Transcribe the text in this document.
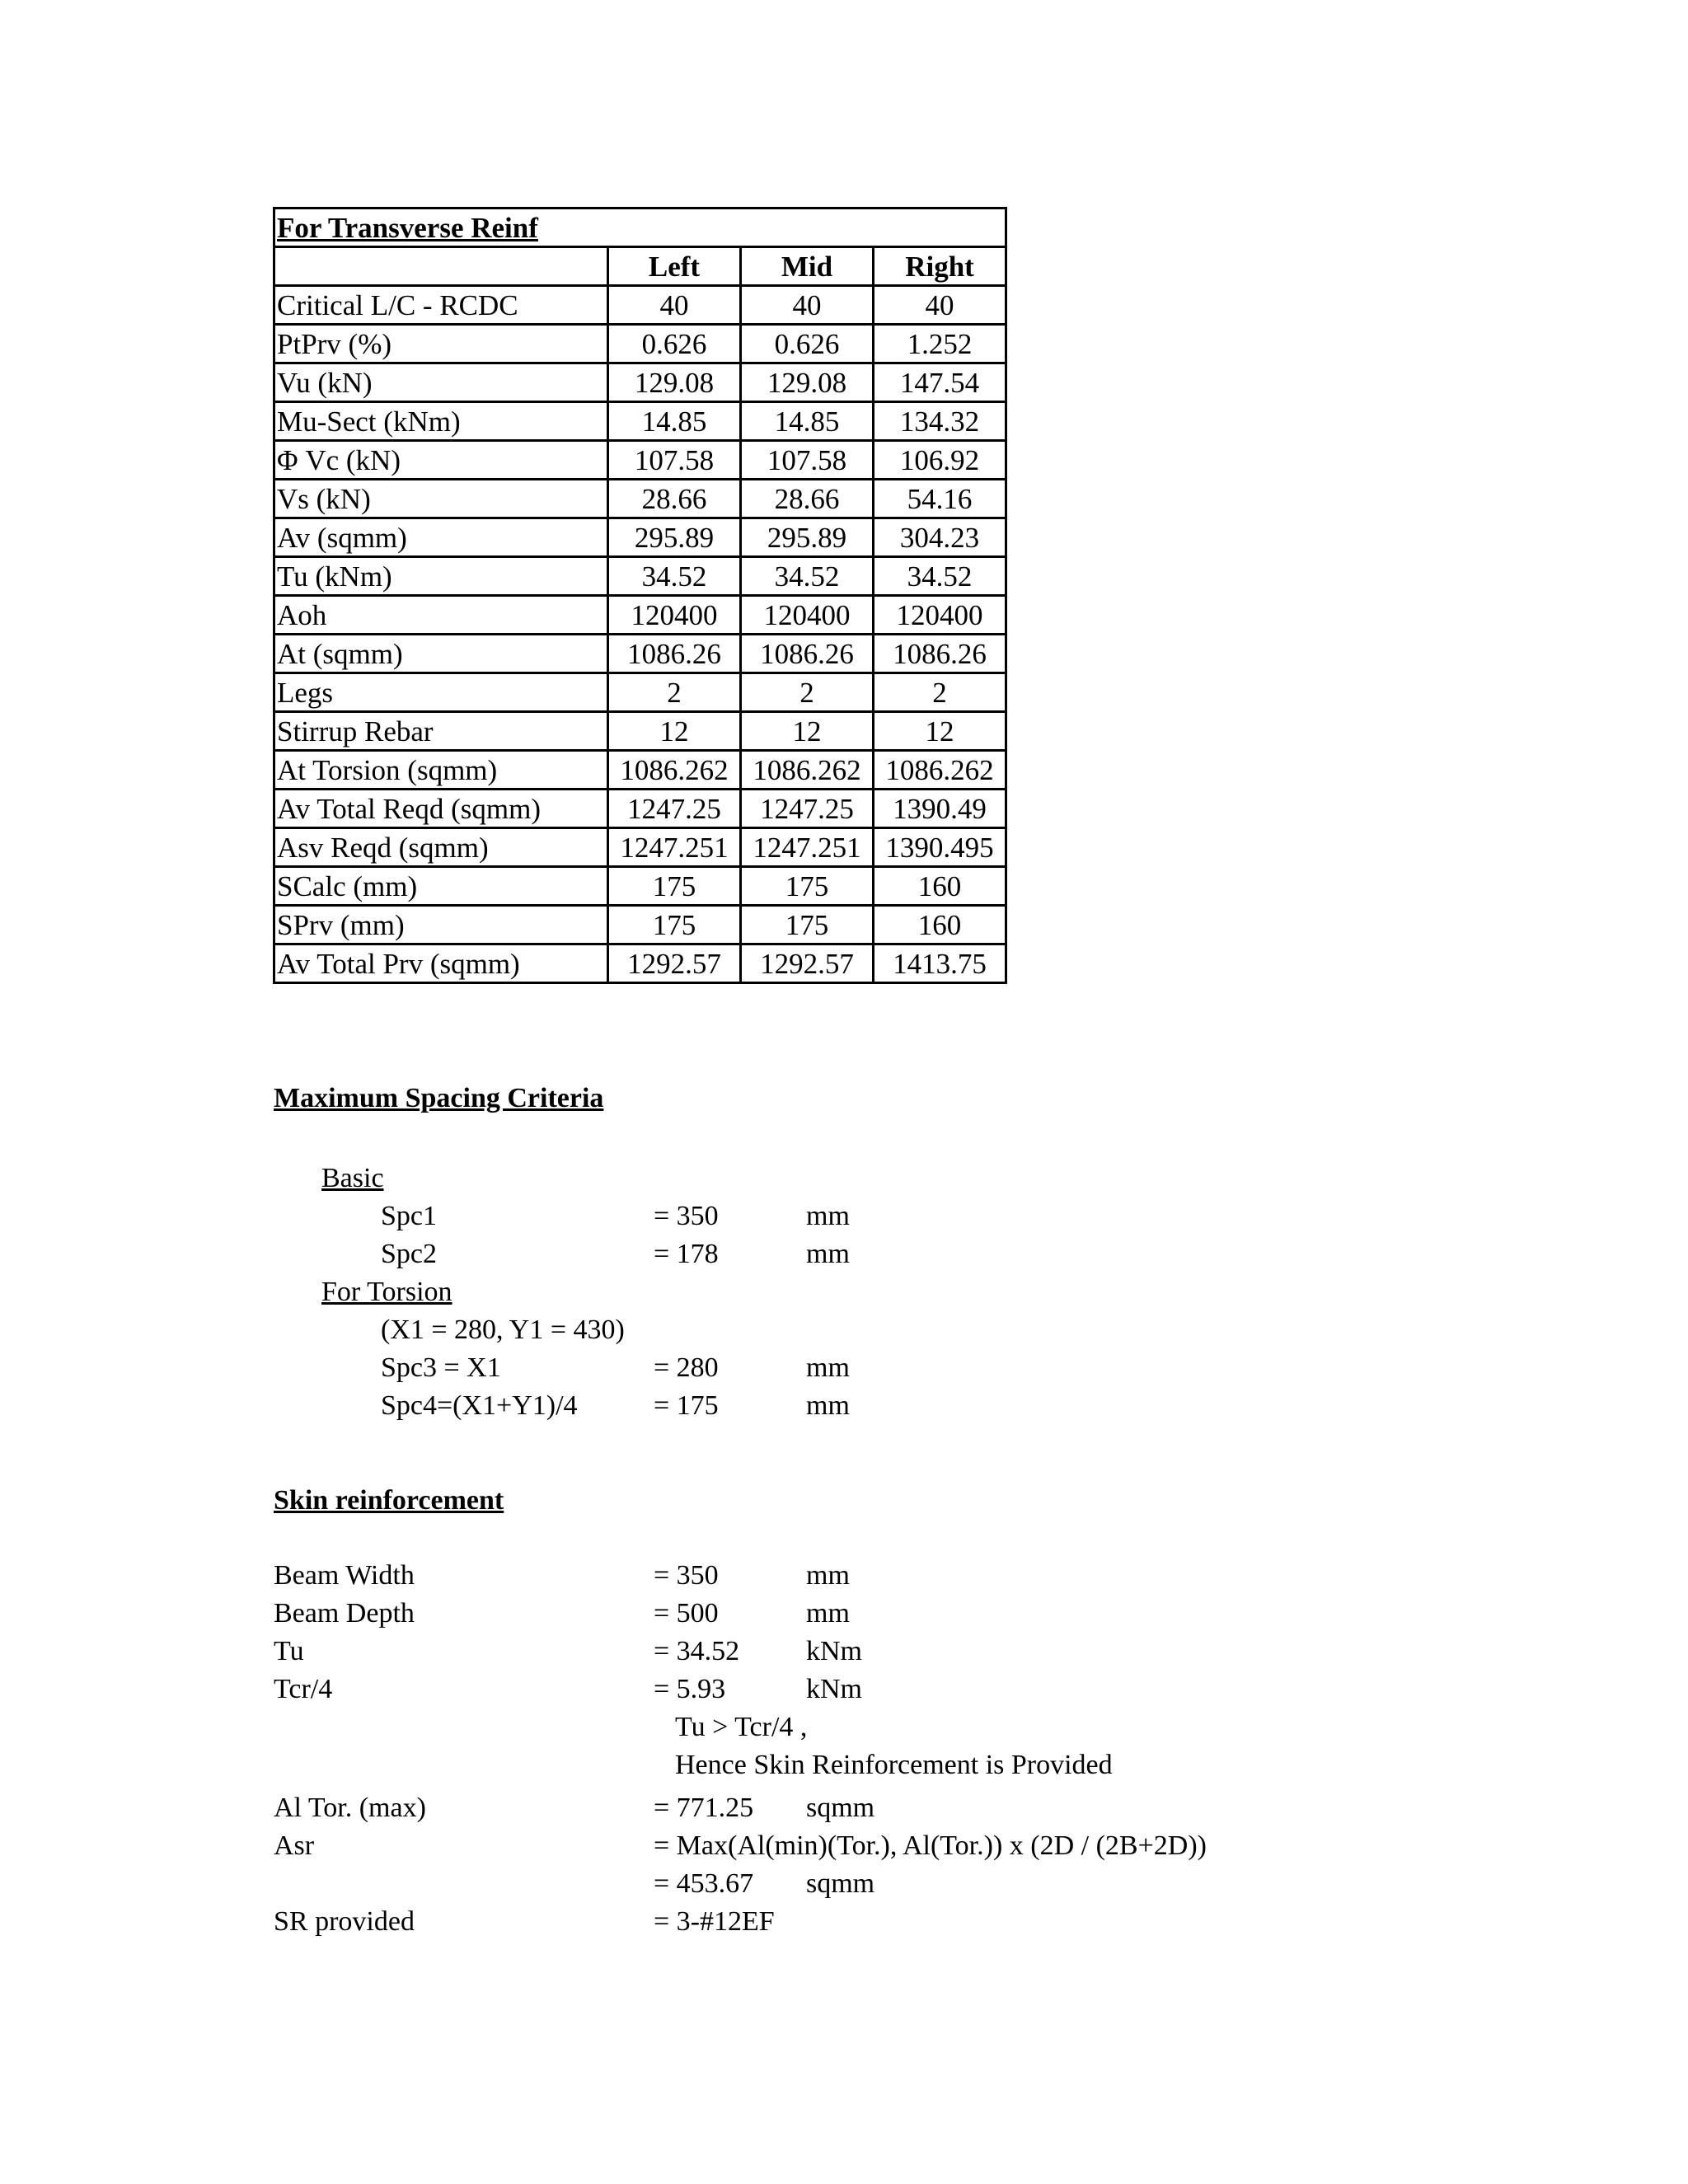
For Transverse Reinf			
	Left	Mid	Right
Critical L/C - RCDC	40	40	40
PtPrv (%)	0.626	0.626	1.252
Vu (kN)	129.08	129.08	147.54
Mu-Sect (kNm)	14.85	14.85	134.32
Φ Vc (kN)	107.58	107.58	106.92
Vs (kN)	28.66	28.66	54.16
Av (sqmm)	295.89	295.89	304.23
Tu (kNm)	34.52	34.52	34.52
Aoh	120400	120400	120400
At (sqmm)	1086.26	1086.26	1086.26
Legs	2	2	2
Stirrup Rebar	12	12	12
At Torsion (sqmm)	1086.262	1086.262	1086.262
Av Total Reqd (sqmm)	1247.25	1247.25	1390.49
Asv Reqd (sqmm)	1247.251	1247.251	1390.495
SCalc (mm)	175	175	160
SPrv (mm)	175	175	160
Av Total Prv (sqmm)	1292.57	1292.57	1413.75
Maximum Spacing Criteria
Basic
Spc1	= 350	mm
Spc2	= 178	mm
For Torsion
(X1 = 280, Y1 = 430)
Spc3 = X1	= 280	mm
Spc4=(X1+Y1)/4	= 175	mm
Skin reinforcement
Beam Width	= 350	mm
Beam Depth	= 500	mm
Tu	= 34.52 kNm
Tcr/4	= 5.93	kNm
Tu > Tcr/4 ,
Hence Skin Reinforcement is Provided
Al Tor. (max)	= 771.25 sqmm
Asr	= Max(Al(min)(Tor.), Al(Tor.)) x (2D / (2B+2D))
= 453.67 sqmm
SR provided	= 3-#12EF
